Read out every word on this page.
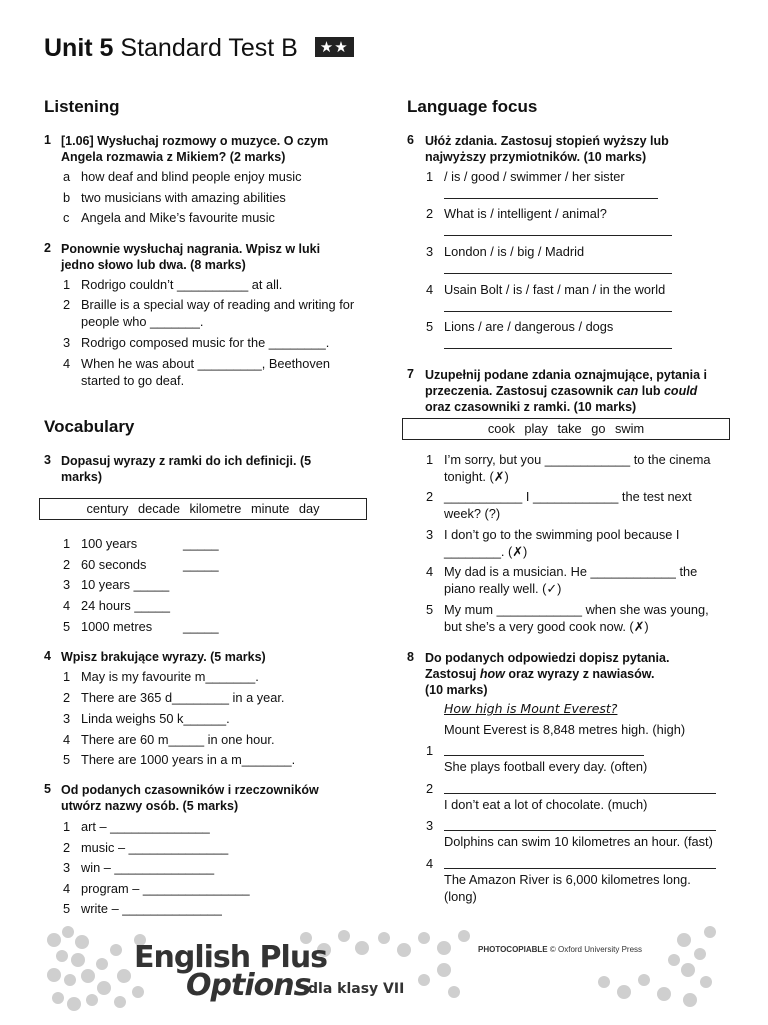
Unit 5 Standard Test B ★★
Listening
1 [1.06] Wysłuchaj rozmowy o muzyce. O czym
Angela rozmawia z Mikiem? (2 marks)
a how deaf and blind people enjoy music
b two musicians with amazing abilities
c Angela and Mike’s favourite music
2 Ponownie wysłuchaj nagrania. Wpisz w luki
jedno słowo lub dwa. (8 marks)
1 Rodrigo couldn’t __________ at all.
2 Braille is a special way of reading and writing for
people who _______.
3 Rodrigo composed music for the ________.
4 When he was about _________, Beethoven
started to go deaf.
Vocabulary
3 Dopasuj wyrazy z ramki do ich definicji. (5
marks)
century decade kilometre minute day
1 100 years	_____
2 60 seconds	_____
3 10 years _____
4 24 hours _____
5 1000 metres _____
4 Wpisz brakujące wyrazy. (5 marks)
1 May is my favourite m_______.
2 There are 365 d________ in a year.
3 Linda weighs 50 k______.
4 There are 60 m_____ in one hour.
5 There are 1000 years in a m_______.
5 Od podanych czasowników i rzeczowników
utwórz nazwy osób. (5 marks)
1 art – ______________
2 music – ______________
3 win – ______________
4 program – _______________
5 write – ______________
Language focus
6 Ułóż zdania. Zastosuj stopień wyższy lub
najwyższy przymiotników. (10 marks)
1 / is / good / swimmer / her sister
2 What is / intelligent / animal?
3 London / is / big / Madrid
4 Usain Bolt / is / fast / man / in the world
5 Lions / are / dangerous / dogs
7 Uzupełnij podane zdania oznajmujące, pytania i
przeczenia. Zastosuj czasownik can lub could
oraz czasowniki z ramki. (10 marks)
cook play take go swim
1 I’m sorry, but you ____________ to the cinema
tonight. (✗)
2 ___________ I ____________ the test next
week? (?)
3 I don’t go to the swimming pool because I
________. (✗)
4 My dad is a musician. He ____________ the
piano really well. (✓)
5 My mum ____________ when she was young,
but she’s a very good cook now. (✗)
8 Do podanych odpowiedzi dopisz pytania.
Zastosuj how oraz wyrazy z nawiasów.
(10 marks)
How high is Mount Everest?
Mount Everest is 8,848 metres high. (high)
1
She plays football every day. (often)
2
I don’t eat a lot of chocolate. (much)
3
Dolphins can swim 10 kilometres an hour. (fast)
4
The Amazon River is 6,000 kilometres long.
(long)
English Plus
Options
dla klasy VII
PHOTOCOPIABLE © Oxford University Press
